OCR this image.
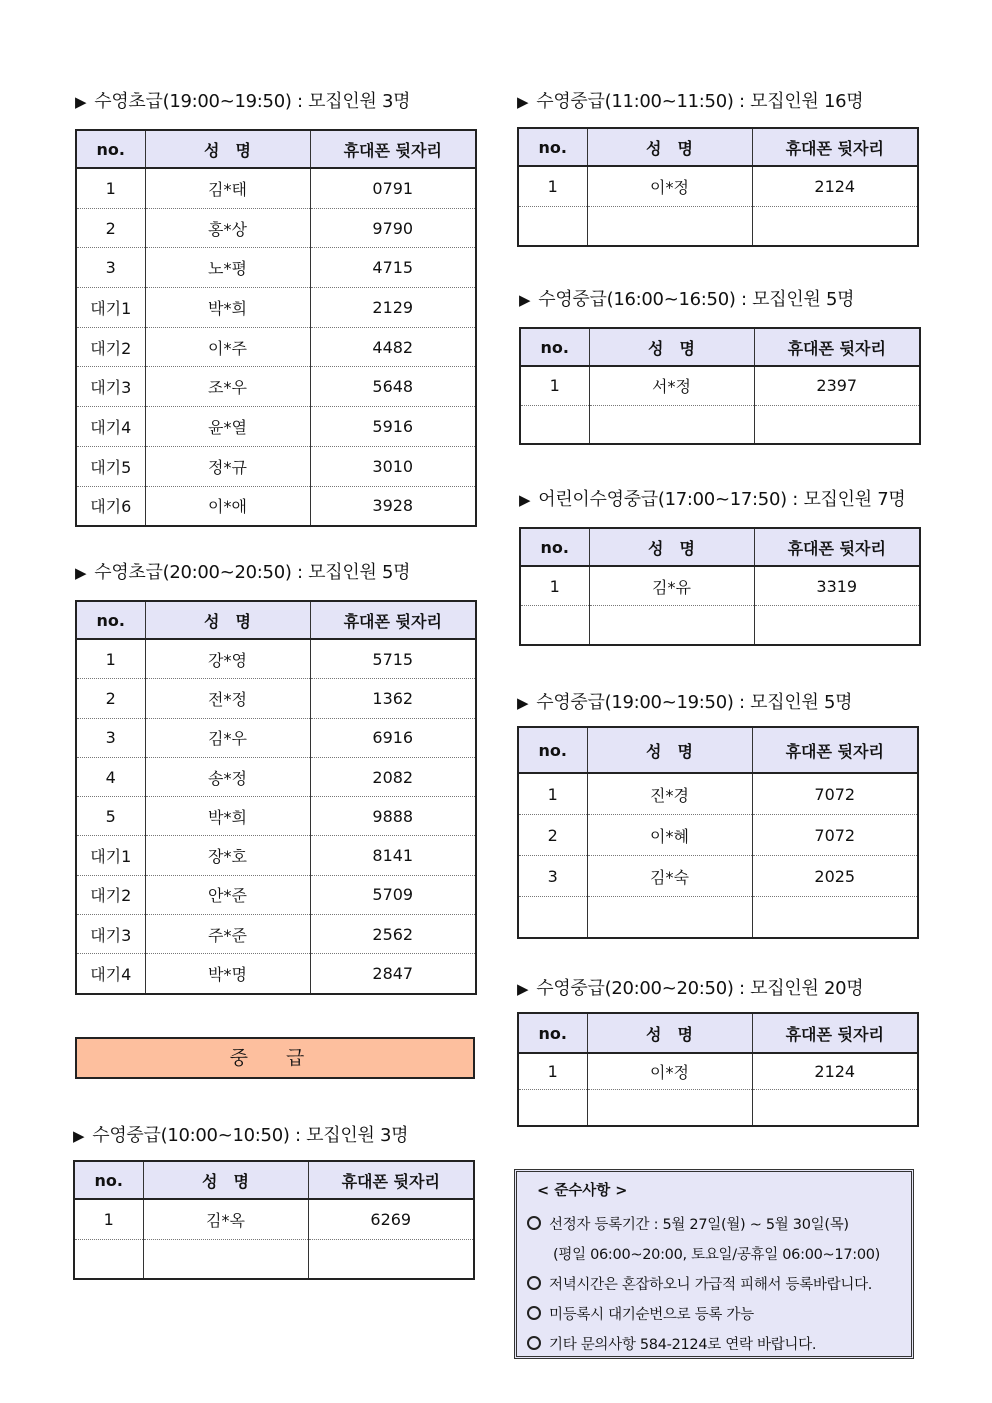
▶ 수영초급(19:00~19:50) : 모집인원 3명
no.	성　명	휴대폰 뒷자리
1	김*태	0791
2	홍*상	9790
3	노*평	4715
대기1	박*희	2129
대기2	이*주	4482
대기3	조*우	5648
대기4	윤*열	5916
대기5	정*규	3010
대기6	이*애	3928
▶ 수영초급(20:00~20:50) : 모집인원 5명
no.	성　명	휴대폰 뒷자리
1	강*영	5715
2	전*정	1362
3	김*우	6916
4	송*정	2082
5	박*희	9888
대기1	장*호	8141
대기2	안*준	5709
대기3	주*준	2562
대기4	박*명	2847
중 급
▶ 수영중급(10:00~10:50) : 모집인원 3명
no.	성　명	휴대폰 뒷자리
1	김*옥	6269

▶ 수영중급(11:00~11:50) : 모집인원 16명
no.	성　명	휴대폰 뒷자리
1	이*정	2124

▶ 수영중급(16:00~16:50) : 모집인원 5명
no.	성　명	휴대폰 뒷자리
1	서*정	2397

▶ 어린이수영중급(17:00~17:50) : 모집인원 7명
no.	성　명	휴대폰 뒷자리
1	김*유	3319

▶ 수영중급(19:00~19:50) : 모집인원 5명
no.	성　명	휴대폰 뒷자리
1	진*경	7072
2	이*혜	7072
3	김*숙	2025

▶ 수영중급(20:00~20:50) : 모집인원 20명
no.	성　명	휴대폰 뒷자리
1	이*정	2124

< 준수사항 >
선정자 등록기간 : 5월 27일(월) ~ 5월 30일(목)
(평일 06:00~20:00, 토요일/공휴일 06:00~17:00)
저녁시간은 혼잡하오니 가급적 피해서 등록바랍니다.
미등록시 대기순번으로 등록 가능
기타 문의사항 584-2124로 연락 바랍니다.
